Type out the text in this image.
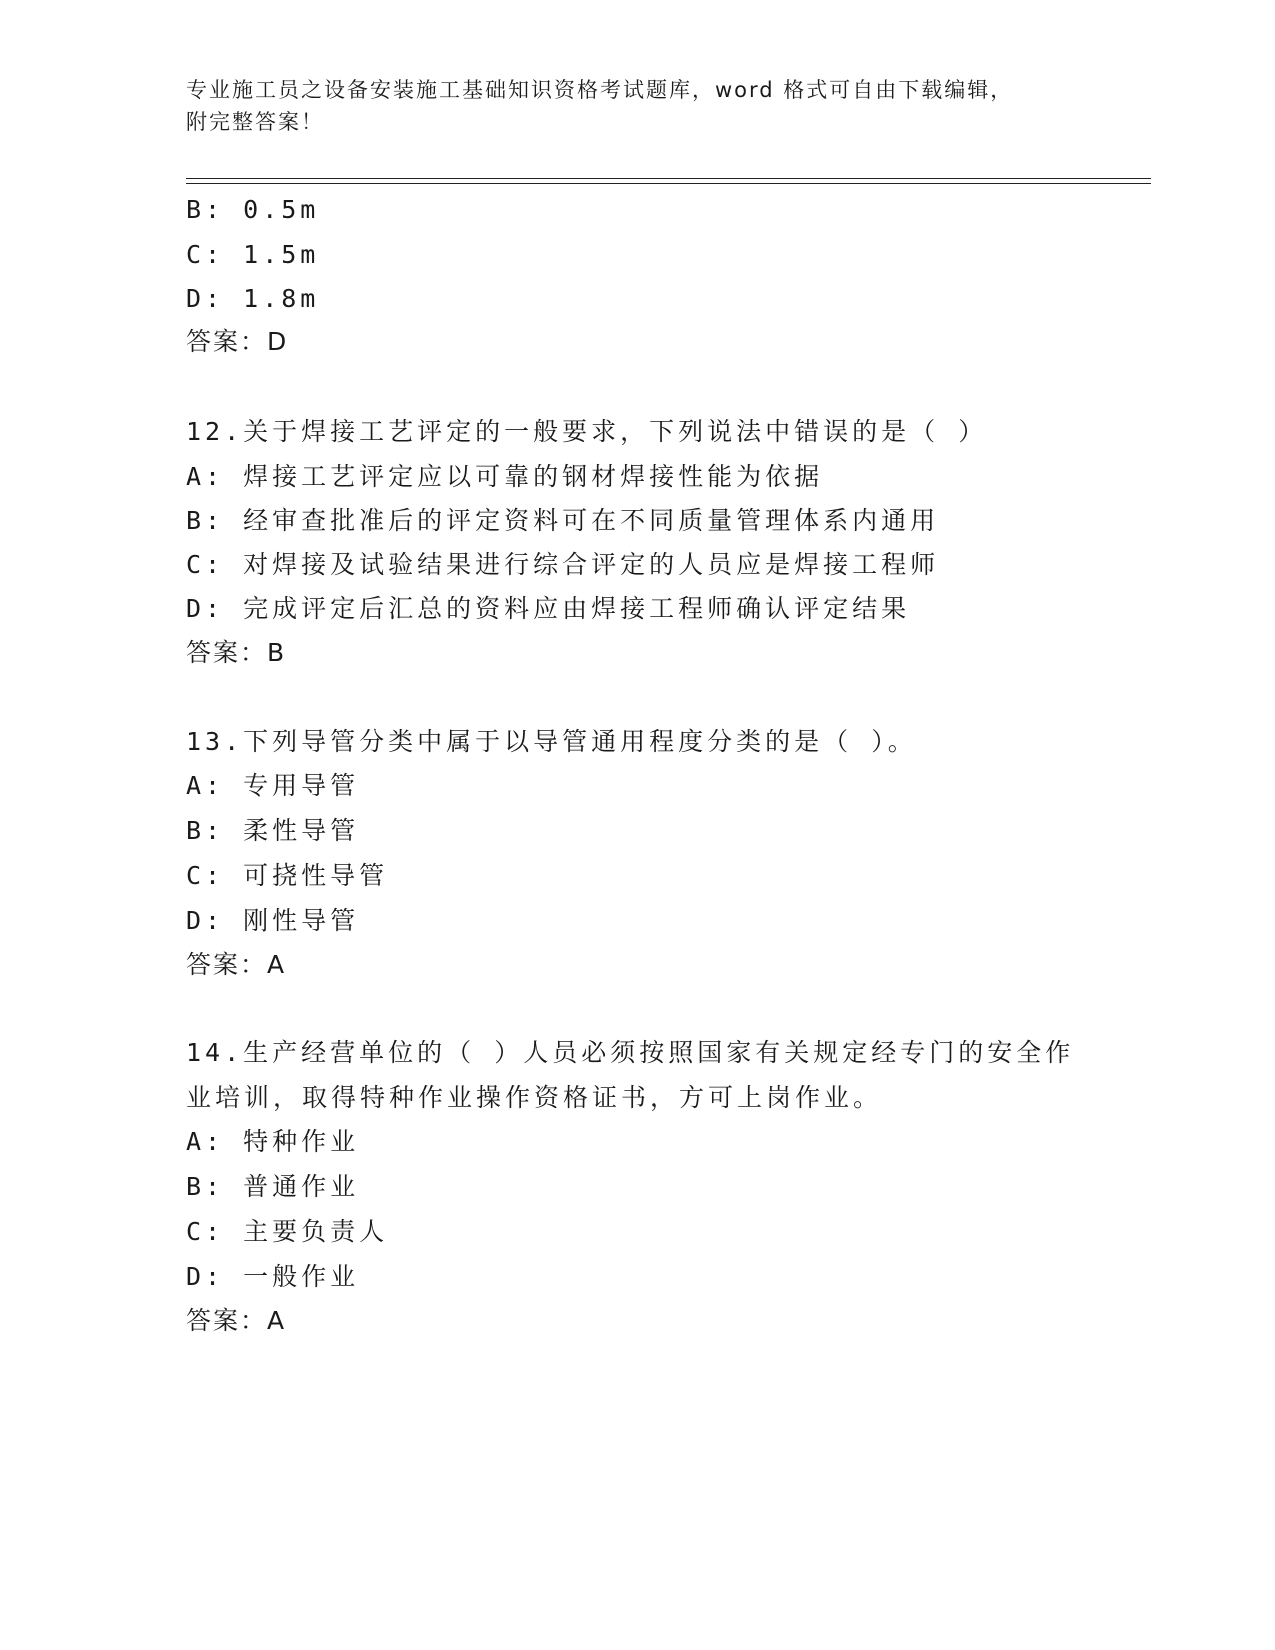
专业施工员之设备安装施工基础知识资格考试题库，word 格式可自由下载编辑，
附完整答案！
B: 0.5m
C: 1.5m
D: 1.8m
答案：D
12.关于焊接工艺评定的一般要求，下列说法中错误的是（ ）
A: 焊接工艺评定应以可靠的钢材焊接性能为依据
B: 经审查批准后的评定资料可在不同质量管理体系内通用
C: 对焊接及试验结果进行综合评定的人员应是焊接工程师
D: 完成评定后汇总的资料应由焊接工程师确认评定结果
答案：B
13.下列导管分类中属于以导管通用程度分类的是（ ）。
A: 专用导管
B: 柔性导管
C: 可挠性导管
D: 刚性导管
答案：A
14.生产经营单位的（ ）人员必须按照国家有关规定经专门的安全作
业培训，取得特种作业操作资格证书，方可上岗作业。
A: 特种作业
B: 普通作业
C: 主要负责人
D: 一般作业
答案：A
